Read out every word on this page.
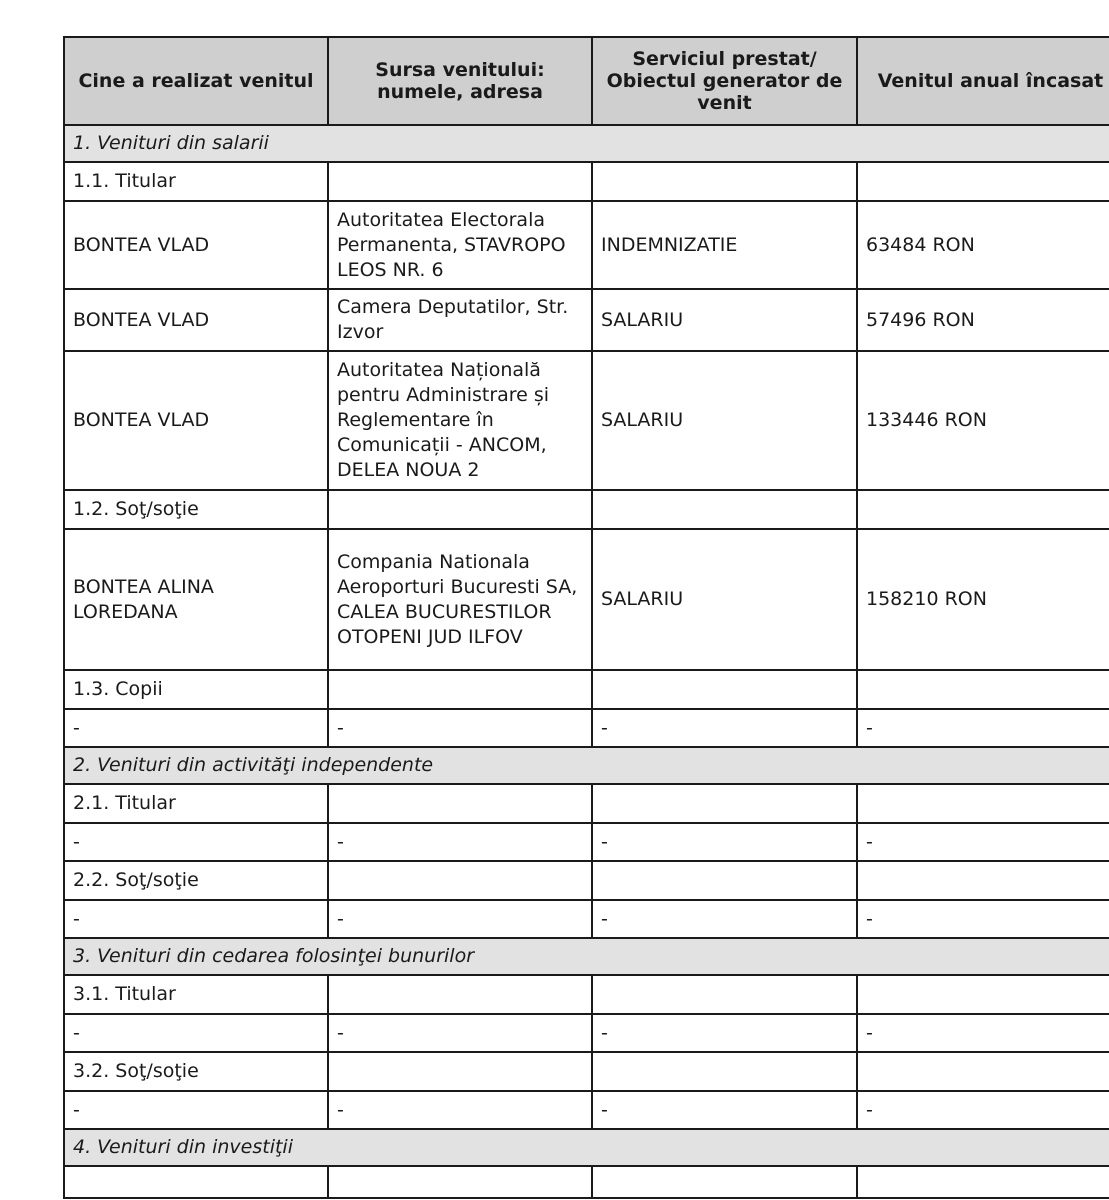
Cine a realizat venitul	Sursa venitului: numele, adresa	Serviciul prestat/ Obiectul generator de venit	Venitul anual încasat
1. Venituri din salarii			
1.1. Titular			
BONTEA VLAD	Autoritatea Electorala Permanenta, STAVROPO LEOS NR. 6	INDEMNIZATIE	63484 RON
BONTEA VLAD	Camera Deputatilor, Str. Izvor	SALARIU	57496 RON
BONTEA VLAD	Autoritatea Națională pentru Administrare și Reglementare în Comunicații - ANCOM, DELEA NOUA 2	SALARIU	133446 RON
1.2. Soţ/soţie			
BONTEA ALINA LOREDANA	Compania Nationala Aeroporturi Bucuresti SA, CALEA BUCURESTILOR OTOPENI JUD ILFOV	SALARIU	158210 RON
1.3. Copii			
-	-	-	-
2. Venituri din activităţi independente			
2.1. Titular			
-	-	-	-
2.2. Soţ/soţie			
-	-	-	-
3. Venituri din cedarea folosinţei bunurilor			
3.1. Titular			
-	-	-	-
3.2. Soţ/soţie			
-	-	-	-
4. Venituri din investiţii			
